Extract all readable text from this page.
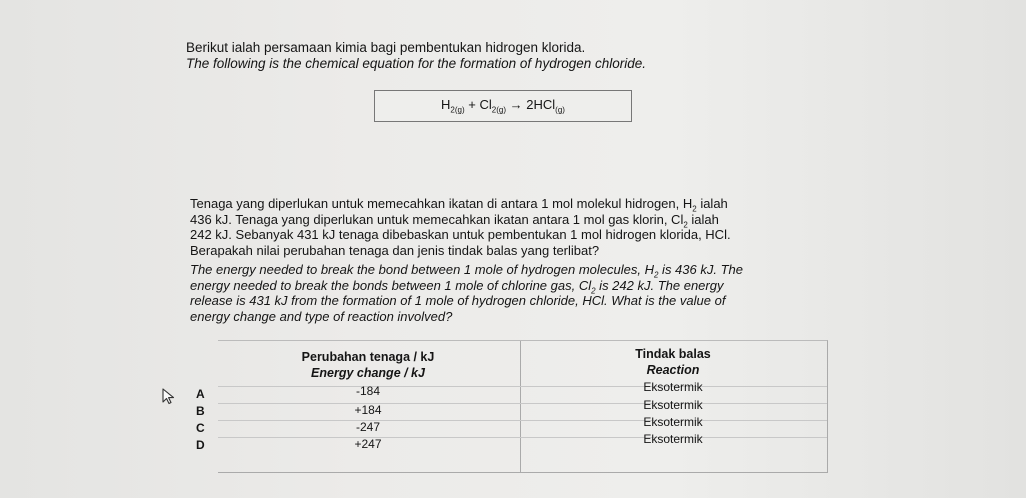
Berikut ialah persamaan kimia bagi pembentukan hidrogen klorida.
The following is the chemical equation for the formation of hydrogen chloride.
$H_{2(g)} + Cl_{2(g)} \to 2HCl_{(g)}$
Tenaga yang diperlukan untuk memecahkan ikatan di antara 1 mol molekul hidrogen, $H_2$ ialah
436 kJ. Tenaga yang diperlukan untuk memecahkan ikatan antara 1 mol gas klorin, $Cl_2$ ialah
242 kJ. Sebanyak 431 kJ tenaga dibebaskan untuk pembentukan 1 mol hidrogen klorida, HCl.
Berapakah nilai perubahan tenaga dan jenis tindak balas yang terlibat?
The energy needed to break the bond between 1 mole of hydrogen molecules, $H_2$ is 436 kJ. The
energy needed to break the bonds between 1 mole of chlorine gas, $Cl_2$ is 242 kJ. The energy
release is 431 kJ from the formation of 1 mole of hydrogen chloride, HCl. What is the value of
energy change and type of reaction involved?
A
B
C
D
Perubahan tenaga / kJ
Energy change / kJ
Tindak balas
Reaction
-184
+184
-247
+247
Eksotermik
Eksotermik
Eksotermik
Eksotermik
